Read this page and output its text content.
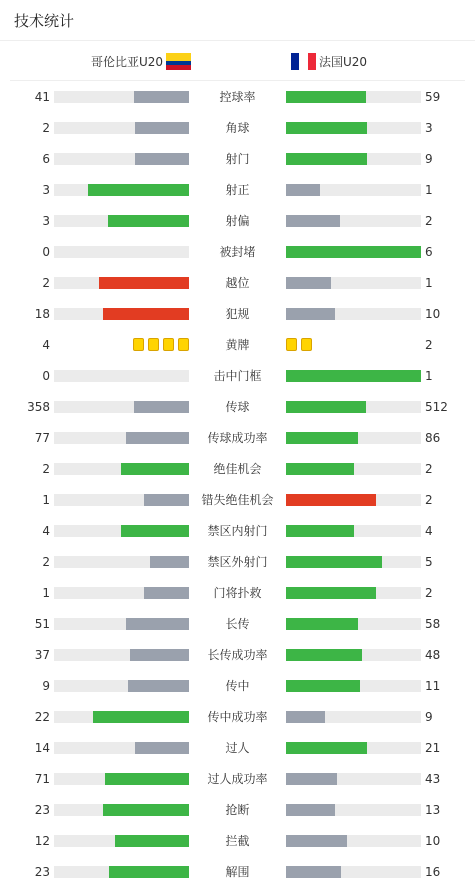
技术统计
哥伦比亚U20	法国U20
41	控球率	59
2	角球	3
6	射门	9
3	射正	1
3	射偏	2
0	被封堵	6
2	越位	1
18	犯规	10
4	黄牌	2
0	击中门框	1
358	传球	512
77	传球成功率	86
2	绝佳机会	2
1	错失绝佳机会	2
4	禁区内射门	4
2	禁区外射门	5
1	门将扑救	2
51	长传	58
37	长传成功率	48
9	传中	11
22	传中成功率	9
14	过人	21
71	过人成功率	43
23	抢断	13
12	拦截	10
23	解围	16
